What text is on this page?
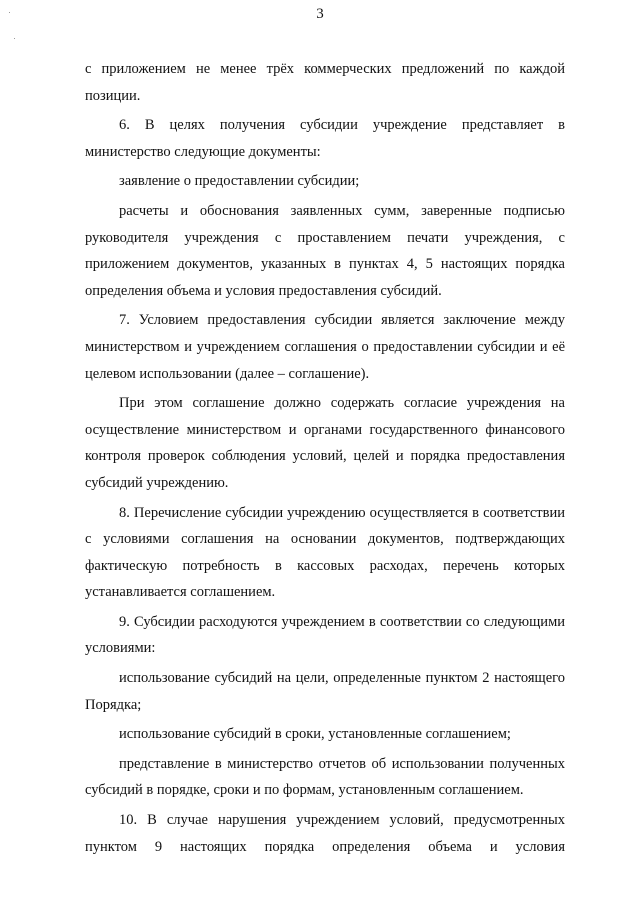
3

с приложением не менее трёх коммерческих предложений по каждой позиции.

6. В целях получения субсидии учреждение представляет в министерство следующие документы:

заявление о предоставлении субсидии;

расчеты и обоснования заявленных сумм, заверенные подписью руководителя учреждения с проставлением печати учреждения, с приложением документов, указанных в пунктах 4, 5 настоящих порядка определения объема и условия предоставления субсидий.

7. Условием предоставления субсидии является заключение между министерством и учреждением соглашения о предоставлении субсидии и её целевом использовании (далее – соглашение).

При этом соглашение должно содержать согласие учреждения на осуществление министерством и органами государственного финансового контроля проверок соблюдения условий, целей и порядка предоставления субсидий учреждению.

8. Перечисление субсидии учреждению осуществляется в соответствии с условиями соглашения на основании документов, подтверждающих фактическую потребность в кассовых расходах, перечень которых устанавливается соглашением.

9. Субсидии расходуются учреждением в соответствии со следующими условиями:

использование субсидий на цели, определенные пунктом 2 настоящего Порядка;

использование субсидий в сроки, установленные соглашением;

представление в министерство отчетов об использовании полученных субсидий в порядке, сроки и по формам, установленным соглашением.

10. В случае нарушения учреждением условий, предусмотренных пунктом 9 настоящих порядка определения объема и условия
